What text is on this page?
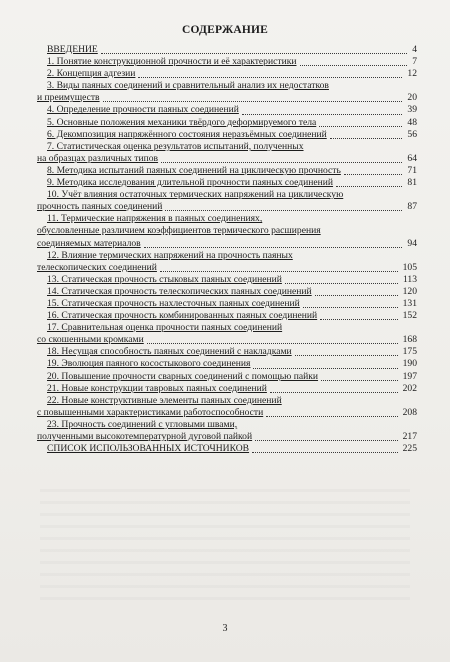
СОДЕРЖАНИЕ
ВВЕДЕНИЕ	4
1. Понятие конструкционной прочности и её характеристики	7
2. Концепция адгезии	12
3. Виды паяных соединений и сравнительный анализ их недостатков
и преимуществ	20
4. Определение прочности паяных соединений	39
5. Основные положения механики твёрдого деформируемого тела	48
6. Декомпозиция напряжённого состояния неразъёмных соединений	56
7. Статистическая оценка результатов испытаний, полученных
на образцах различных типов	64
8. Методика испытаний паяных соединений на циклическую прочность	71
9. Методика исследования длительной прочности паяных соединений	81
10. Учёт влияния остаточных термических напряжений на циклическую
прочность паяных соединений	87
11. Термические напряжения в паяных соединениях,
обусловленные различием коэффициентов термического расширения
соединяемых материалов	94
12. Влияние термических напряжений на прочность паяных
телескопических соединений	105
13. Статическая прочность стыковых паяных соединений	113
14. Статическая прочность телескопических паяных соединений	120
15. Статическая прочность нахлесточных паяных соединений	131
16. Статическая прочность комбинированных паяных соединений	152
17. Сравнительная оценка прочности паяных соединений
со скошенными кромками	168
18. Несущая способность паяных соединений с накладками	175
19. Эволюция паяного косостыкового соединения	190
20. Повышение прочности сварных соединений с помощью пайки	197
21. Новые конструкции тавровых паяных соединений	202
22. Новые конструктивные элементы паяных соединений
с повышенными характеристиками работоспособности	208
23. Прочность соединений с угловыми швами,
полученными высокотемпературной дуговой пайкой	217
СПИСОК ИСПОЛЬЗОВАННЫХ ИСТОЧНИКОВ	225
3
